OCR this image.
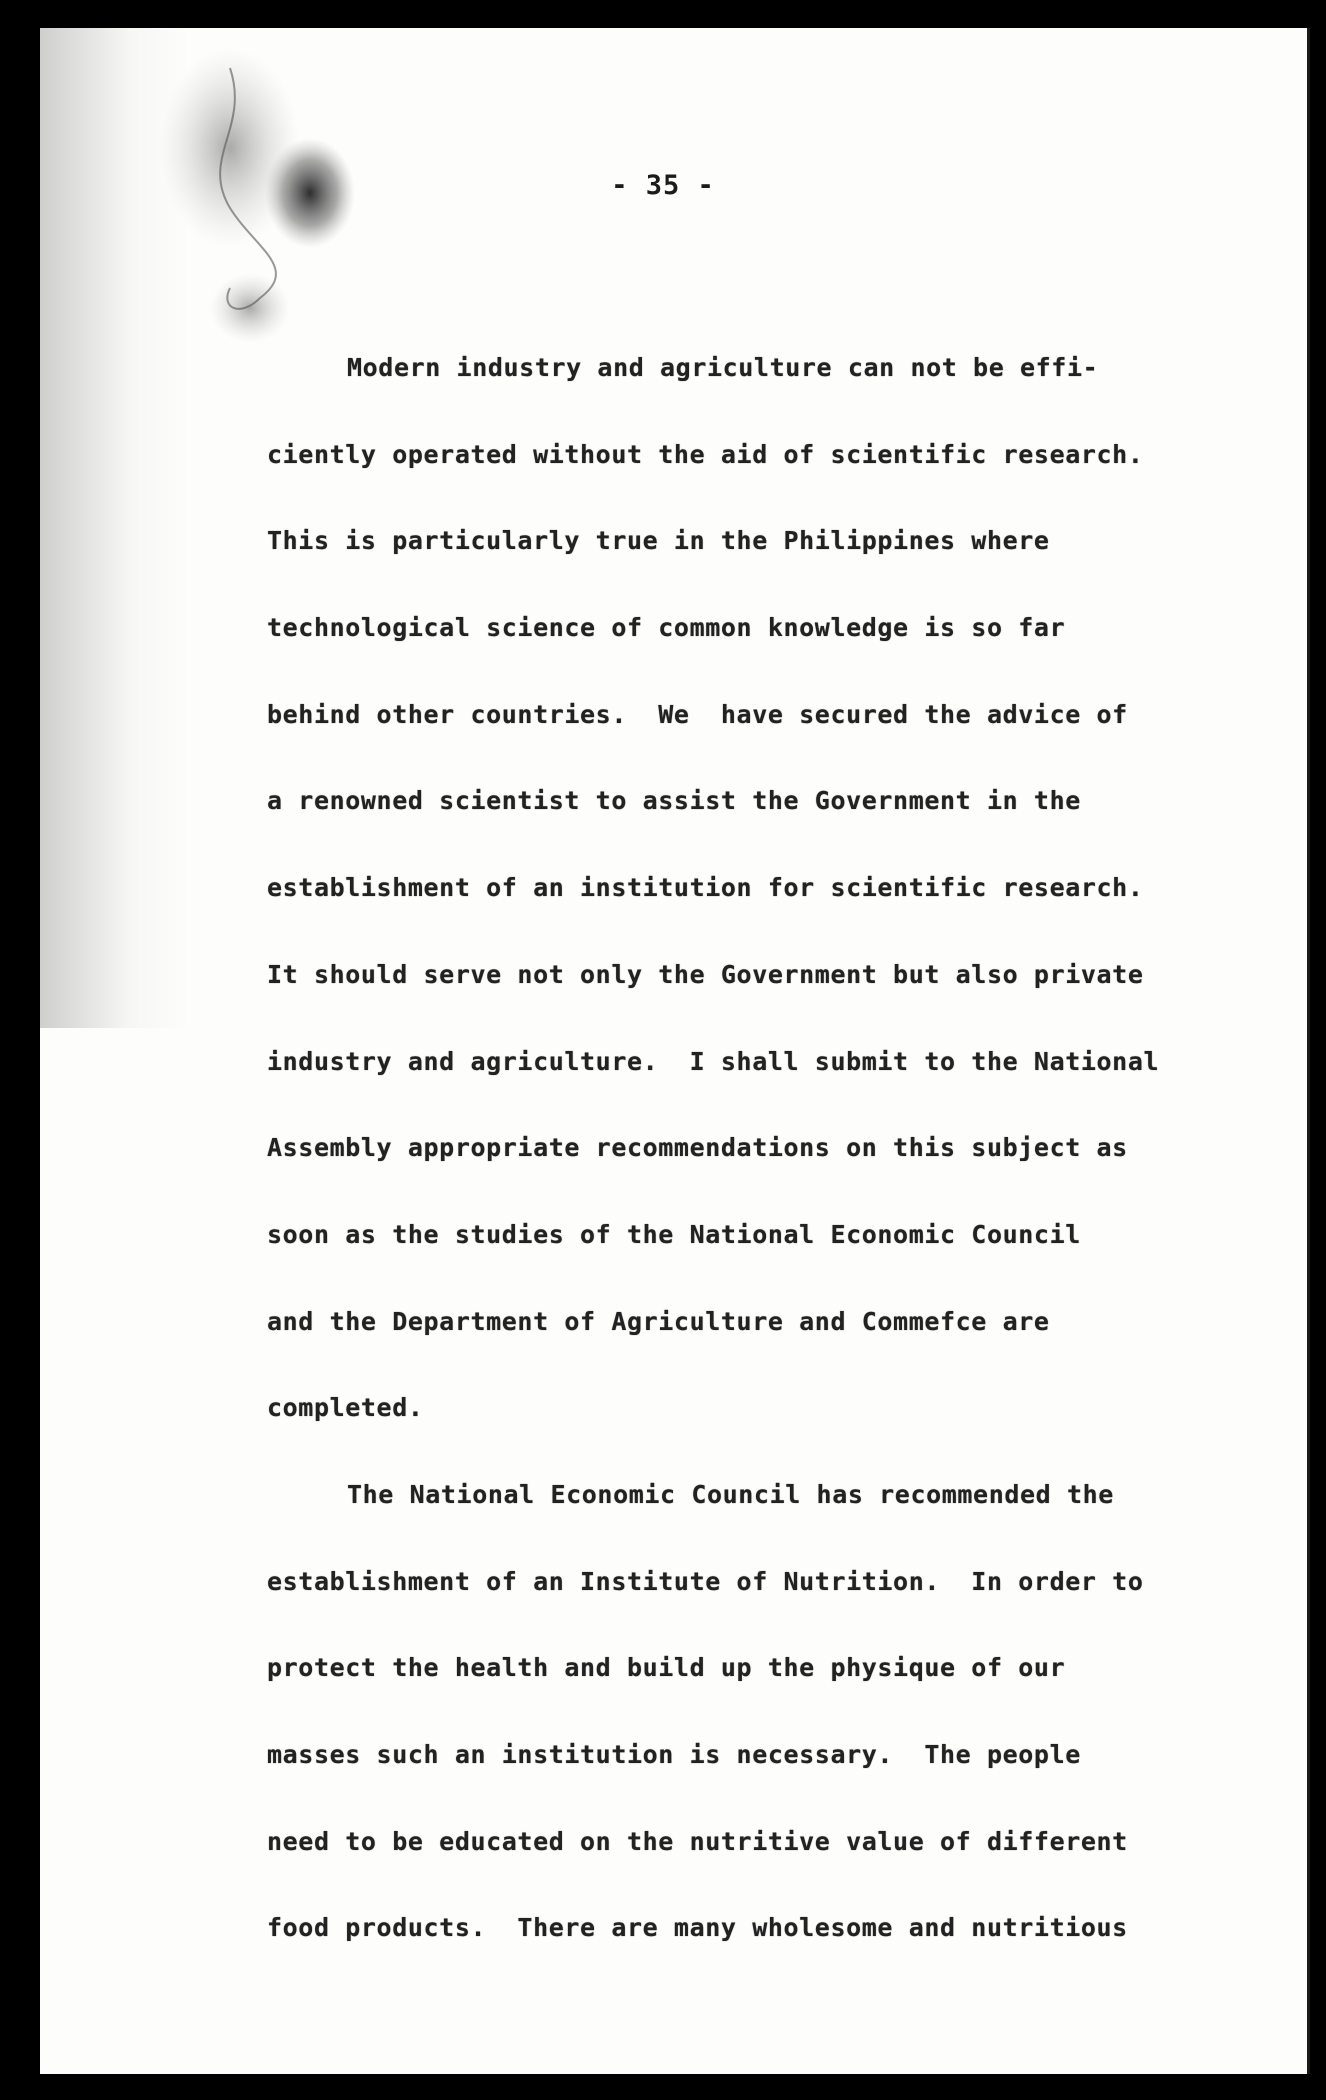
- 35 -
Modern industry and agriculture can not be effi-
ciently operated without the aid of scientific research.
This is particularly true in the Philippines where
technological science of common knowledge is so far
behind other countries.  We  have secured the advice of
a renowned scientist to assist the Government in the
establishment of an institution for scientific research.
It should serve not only the Government but also private
industry and agriculture.  I shall submit to the National
Assembly appropriate recommendations on this subject as
soon as the studies of the National Economic Council
and the Department of Agriculture and Commefce are
completed.
The National Economic Council has recommended the
establishment of an Institute of Nutrition.  In order to
protect the health and build up the physique of our
masses such an institution is necessary.  The people
need to be educated on the nutritive value of different
food products.  There are many wholesome and nutritious
